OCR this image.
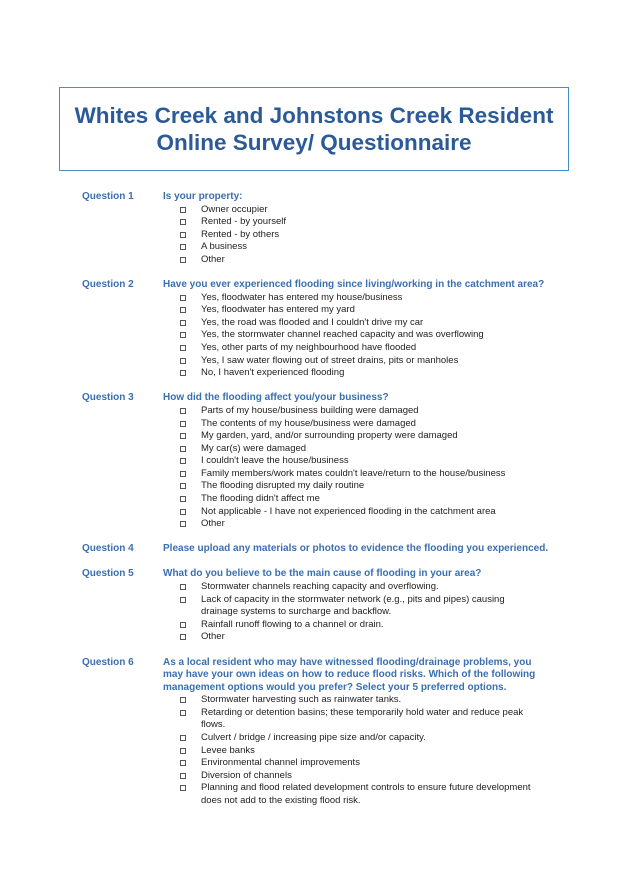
Whites Creek and Johnstons Creek Resident
Online Survey/ Questionnaire
Question 1	Is your property:
Owner occupier
Rented - by yourself
Rented - by others
A business
Other
Question 2	Have you ever experienced flooding since living/working in the catchment area?
Yes, floodwater has entered my house/business
Yes, floodwater has entered my yard
Yes, the road was flooded and I couldn't drive my car
Yes, the stormwater channel reached capacity and was overflowing
Yes, other parts of my neighbourhood have flooded
Yes, I saw water flowing out of street drains, pits or manholes
No, I haven't experienced flooding
Question 3	How did the flooding affect you/your business?
Parts of my house/business building were damaged
The contents of my house/business were damaged
My garden, yard, and/or surrounding property were damaged
My car(s) were damaged
I couldn't leave the house/business
Family members/work mates couldn't leave/return to the house/business
The flooding disrupted my daily routine
The flooding didn't affect me
Not applicable - I have not experienced flooding in the catchment area
Other
Question 4	Please upload any materials or photos to evidence the flooding you experienced.
Question 5	What do you believe to be the main cause of flooding in your area?
Stormwater channels reaching capacity and overflowing.
Lack of capacity in the stormwater network (e.g., pits and pipes) causing drainage systems to surcharge and backflow.
Rainfall runoff flowing to a channel or drain.
Other
Question 6	As a local resident who may have witnessed flooding/drainage problems, you may have your own ideas on how to reduce flood risks. Which of the following management options would you prefer? Select your 5 preferred options.
Stormwater harvesting such as rainwater tanks.
Retarding or detention basins; these temporarily hold water and reduce peak flows.
Culvert / bridge / increasing pipe size and/or capacity.
Levee banks
Environmental channel improvements
Diversion of channels
Planning and flood related development controls to ensure future development does not add to the existing flood risk.
